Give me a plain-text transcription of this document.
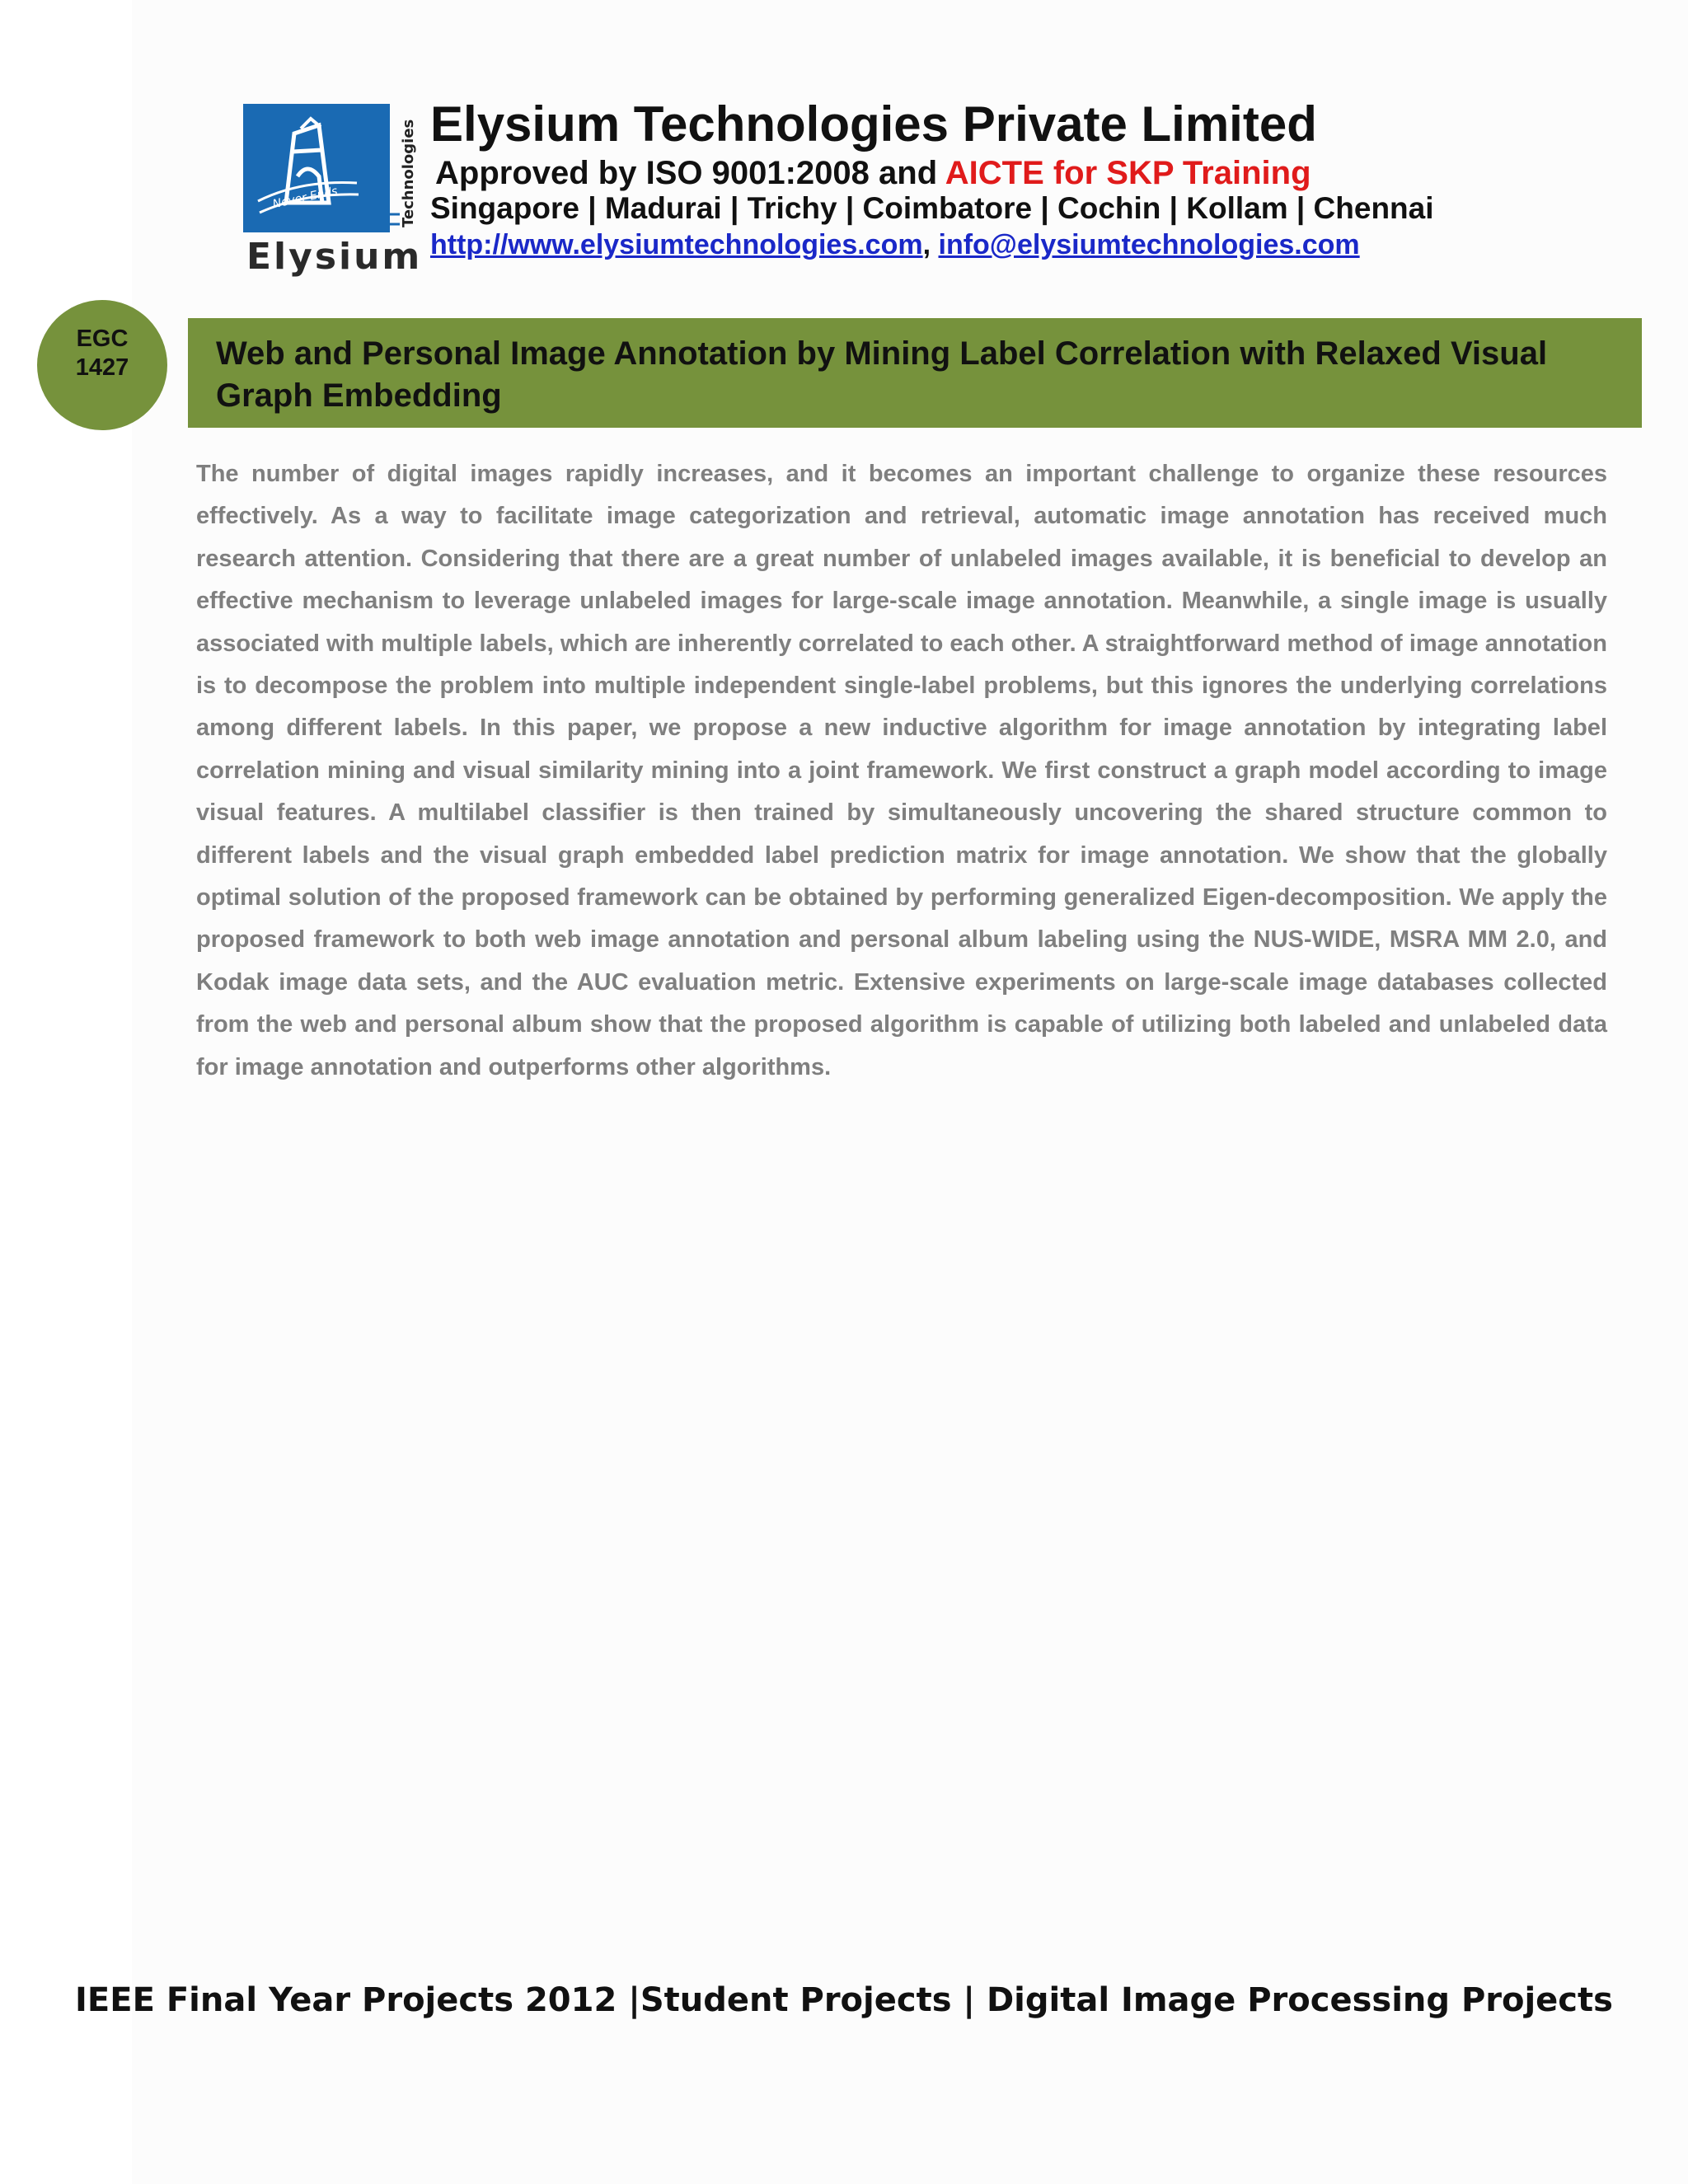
Never Ends	Technologies
Elysium
Elysium Technologies Private Limited
Approved by ISO 9001:2008 and AICTE for SKP Training
Singapore | Madurai | Trichy | Coimbatore | Cochin | Kollam | Chennai
http://www.elysiumtechnologies.com, info@elysiumtechnologies.com
EGC
1427	Web and Personal Image Annotation by Mining Label Correlation with Relaxed Visual Graph Embedding

The number of digital images rapidly increases, and it becomes an important challenge to organize these resources effectively. As a way to facilitate image categorization and retrieval, automatic image annotation has received much research attention. Considering that there are a great number of unlabeled images available, it is beneficial to develop an effective mechanism to leverage unlabeled images for large-scale image annotation. Meanwhile, a single image is usually associated with multiple labels, which are inherently correlated to each other. A straightforward method of image annotation is to decompose the problem into multiple independent single-label problems, but this ignores the underlying correlations among different labels. In this paper, we propose a new inductive algorithm for image annotation by integrating label correlation mining and visual similarity mining into a joint framework. We first construct a graph model according to image visual features. A multilabel classifier is then trained by simultaneously uncovering the shared structure common to different labels and the visual graph embedded label prediction matrix for image annotation. We show that the globally optimal solution of the proposed framework can be obtained by performing generalized Eigen-decomposition. We apply the proposed framework to both web image annotation and personal album labeling using the NUS-WIDE, MSRA MM 2.0, and Kodak image data sets, and the AUC evaluation metric. Extensive experiments on large-scale image databases collected from the web and personal album show that the proposed algorithm is capable of utilizing both labeled and unlabeled data for image annotation and outperforms other algorithms.

IEEE Final Year Projects 2012 |Student Projects | Digital Image Processing Projects
